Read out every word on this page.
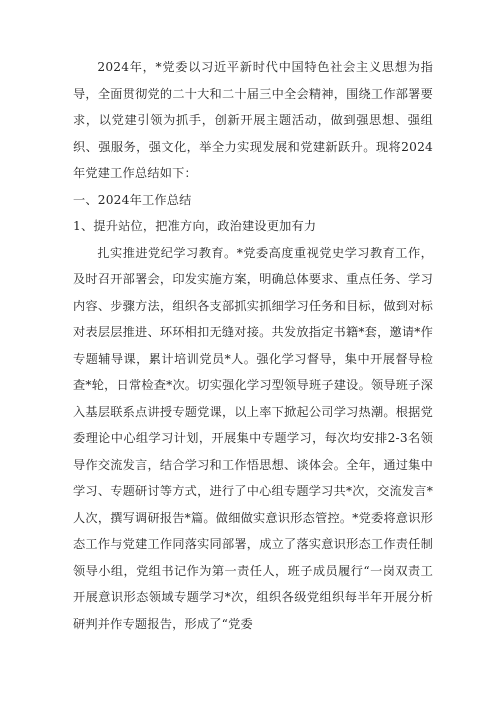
2024年，*党委以习近平新时代中国特色社会主义思想为指导，全面贯彻党的二十大和二十届三中全会精神，围绕工作部署要求，以党建引领为抓手，创新开展主题活动，做到强思想、强组织、强服务，强文化，举全力实现发展和党建新跃升。现将2024年党建工作总结如下：

一、2024年工作总结

1、提升站位，把准方向，政治建设更加有力

扎实推进党纪学习教育。*党委高度重视党史学习教育工作，及时召开部署会，印发实施方案，明确总体要求、重点任务、学习内容、步骤方法，组织各支部抓实抓细学习任务和目标，做到对标对表层层推进、环环相扣无缝对接。共发放指定书籍*套，邀请*作专题辅导课，累计培训党员*人。强化学习督导，集中开展督导检查*轮，日常检查*次。切实强化学习型领导班子建设。领导班子深入基层联系点讲授专题党课，以上率下掀起公司学习热潮。根据党委理论中心组学习计划，开展集中专题学习，每次均安排2-3名领导作交流发言，结合学习和工作悟思想、谈体会。全年，通过集中学习、专题研讨等方式，进行了中心组专题学习共*次，交流发言*人次，撰写调研报告*篇。做细做实意识形态管控。*党委将意识形态工作与党建工作同落实同部署，成立了落实意识形态工作责任制领导小组，党组书记作为第一责任人，班子成员履行“一岗双责工开展意识形态领域专题学习*次，组织各级党组织每半年开展分析研判并作专题报告，形成了“党委
